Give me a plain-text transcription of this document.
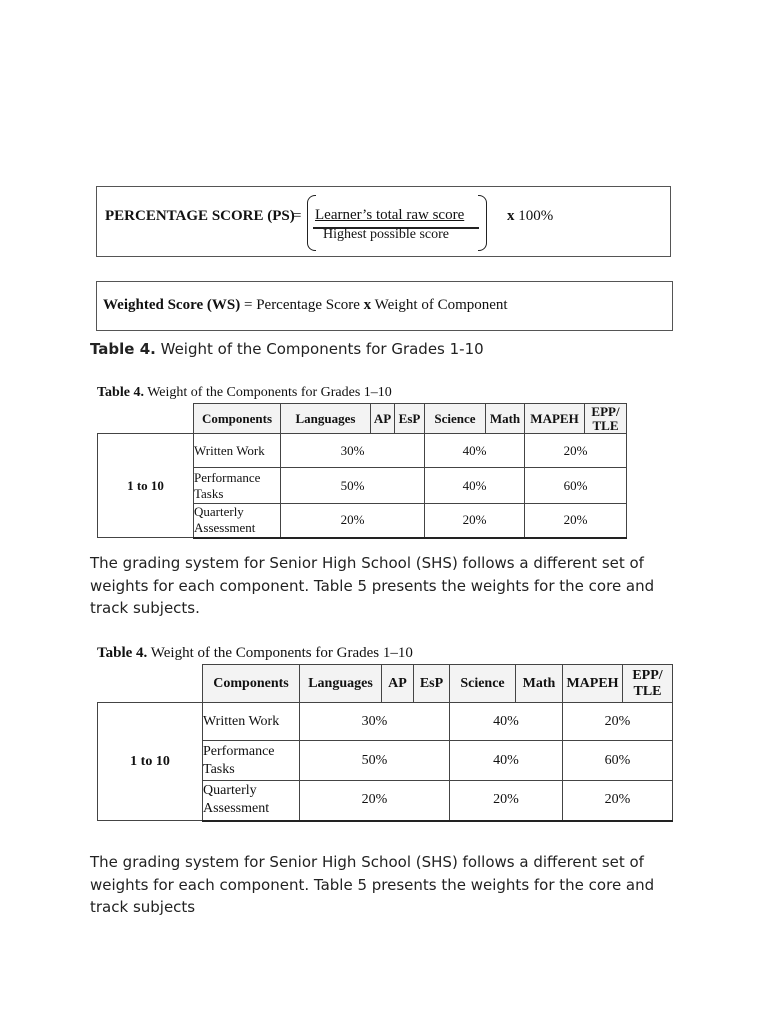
PERCENTAGE SCORE (PS)
= Learner’s total raw score
Highest possible score
x 100%
Weighted Score (WS) = Percentage Score x Weight of Component
Table 4. Weight of the Components for Grades 1-10
Table 4. Weight of the Components for Grades 1–10
	Components	Languages	AP	EsP	Science	Math	MAPEH	EPP/
TLE
1 to 10	Written Work	30%			40%		20%	
	Performance
Tasks	50%			40%		60%	
	Quarterly
Assessment	20%			20%		20%	

The grading system for Senior High School (SHS) follows a different set of weights for each component. Table 5 presents the weights for the core and track subjects.

Table 4. Weight of the Components for Grades 1–10
	Components	Languages	AP	EsP	Science	Math	MAPEH	EPP/
TLE
1 to 10	Written Work	30%			40%		20%	
	Performance
Tasks	50%			40%		60%	
	Quarterly
Assessment	20%			20%		20%	

The grading system for Senior High School (SHS) follows a different set of weights for each component. Table 5 presents the weights for the core and track subjects
